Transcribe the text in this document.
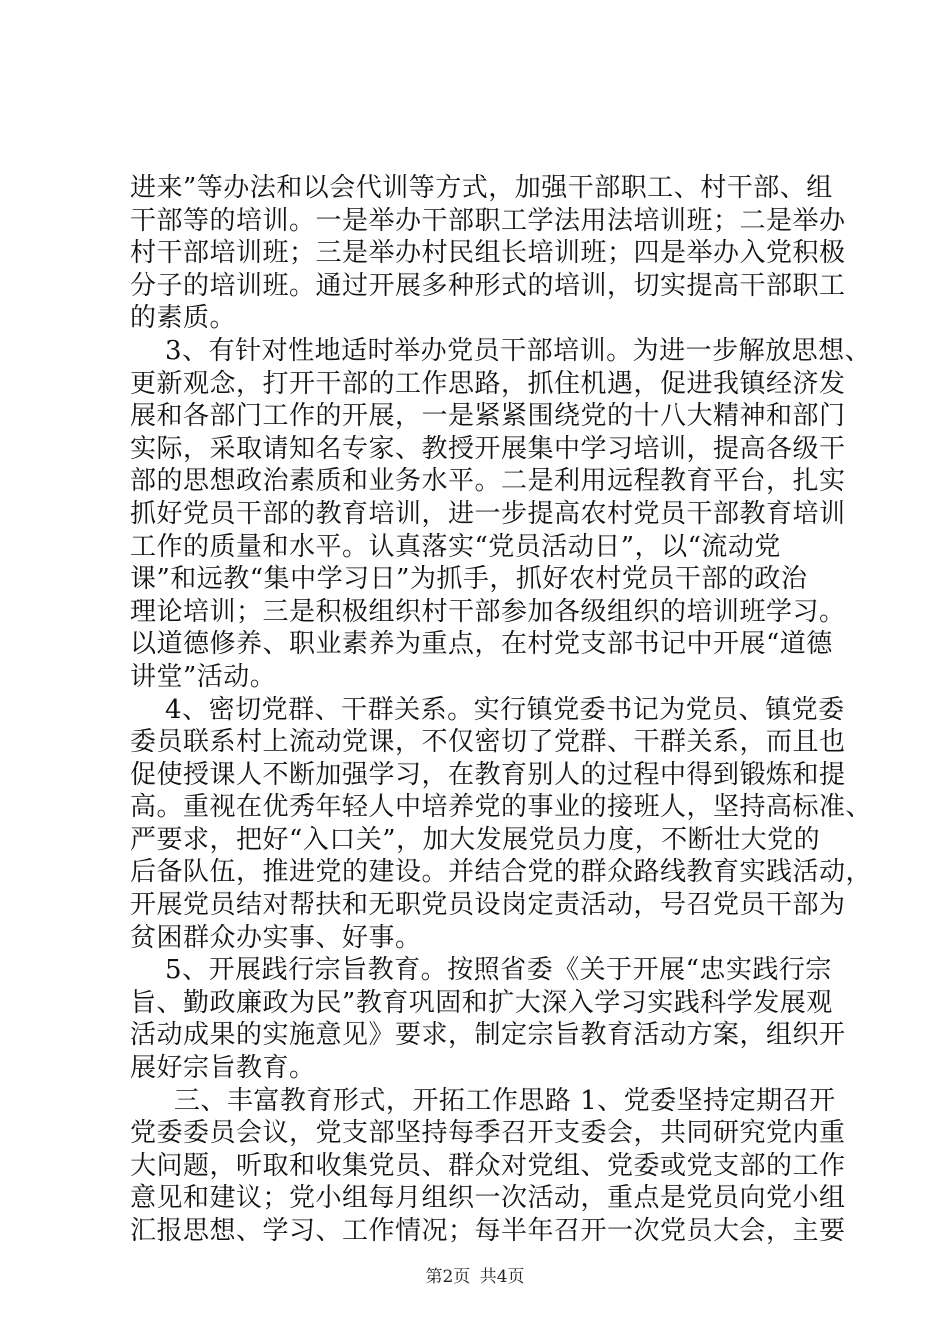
进来”等办法和以会代训等方式，加强干部职工、村干部、组
干部等的培训。一是举办干部职工学法用法培训班；二是举办
村干部培训班；三是举办村民组长培训班；四是举办入党积极
分子的培训班。通过开展多种形式的培训，切实提高干部职工
的素质。
3、有针对性地适时举办党员干部培训。为进一步解放思想、
更新观念，打开干部的工作思路，抓住机遇，促进我镇经济发
展和各部门工作的开展，一是紧紧围绕党的十八大精神和部门
实际，采取请知名专家、教授开展集中学习培训，提高各级干
部的思想政治素质和业务水平。二是利用远程教育平台，扎实
抓好党员干部的教育培训，进一步提高农村党员干部教育培训
工作的质量和水平。认真落实“党员活动日”，以“流动党
课”和远教“集中学习日”为抓手，抓好农村党员干部的政治
理论培训；三是积极组织村干部参加各级组织的培训班学习。
以道德修养、职业素养为重点，在村党支部书记中开展“道德
讲堂”活动。
4、密切党群、干群关系。实行镇党委书记为党员、镇党委
委员联系村上流动党课，不仅密切了党群、干群关系，而且也
促使授课人不断加强学习，在教育别人的过程中得到锻炼和提
高。重视在优秀年轻人中培养党的事业的接班人，坚持高标准、
严要求，把好“入口关”，加大发展党员力度，不断壮大党的
后备队伍，推进党的建设。并结合党的群众路线教育实践活动，
开展党员结对帮扶和无职党员设岗定责活动，号召党员干部为
贫困群众办实事、好事。
5、开展践行宗旨教育。按照省委《关于开展“忠实践行宗
旨、勤政廉政为民”教育巩固和扩大深入学习实践科学发展观
活动成果的实施意见》要求，制定宗旨教育活动方案，组织开
展好宗旨教育。
三、丰富教育形式，开拓工作思路 1、党委坚持定期召开
党委委员会议，党支部坚持每季召开支委会，共同研究党内重
大问题，听取和收集党员、群众对党组、党委或党支部的工作
意见和建议；党小组每月组织一次活动，重点是党员向党小组
汇报思想、学习、工作情况；每半年召开一次党员大会，主要
第2页 共4页
